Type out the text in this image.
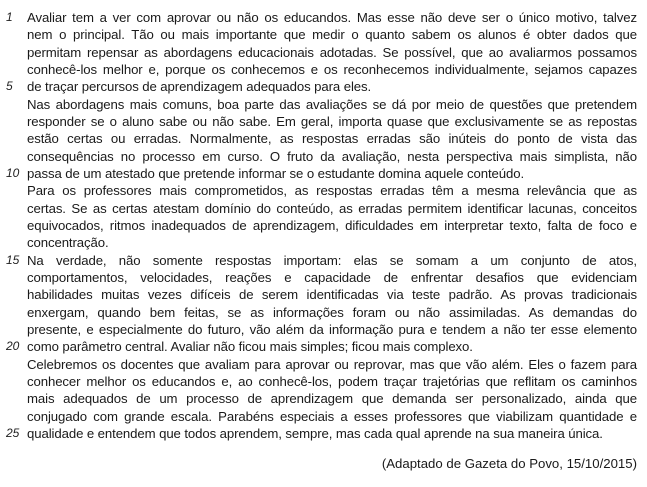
1 Avaliar tem a ver com aprovar ou não os educandos. Mas esse não deve ser o único motivo, talvez
nem o principal. Tão ou mais importante que medir o quanto sabem os alunos é obter dados que
permitam repensar as abordagens educacionais adotadas. Se possível, que ao avaliarmos possamos
conhecê-los melhor e, porque os conhecemos e os reconhecemos individualmente, sejamos capazes
5 de traçar percursos de aprendizagem adequados para eles.
Nas abordagens mais comuns, boa parte das avaliações se dá por meio de questões que pretendem
responder se o aluno sabe ou não sabe. Em geral, importa quase que exclusivamente se as repostas
estão certas ou erradas. Normalmente, as respostas erradas são inúteis do ponto de vista das
consequências no processo em curso. O fruto da avaliação, nesta perspectiva mais simplista, não
10 passa de um atestado que pretende informar se o estudante domina aquele conteúdo.
Para os professores mais comprometidos, as respostas erradas têm a mesma relevância que as
certas. Se as certas atestam domínio do conteúdo, as erradas permitem identificar lacunas, conceitos
equivocados, ritmos inadequados de aprendizagem, dificuldades em interpretar texto, falta de foco e
concentração.
15 Na verdade, não somente respostas importam: elas se somam a um conjunto de atos,
comportamentos, velocidades, reações e capacidade de enfrentar desafios que evidenciam
habilidades muitas vezes difíceis de serem identificadas via teste padrão. As provas tradicionais
enxergam, quando bem feitas, se as informações foram ou não assimiladas. As demandas do
presente, e especialmente do futuro, vão além da informação pura e tendem a não ter esse elemento
20 como parâmetro central. Avaliar não ficou mais simples; ficou mais complexo.
Celebremos os docentes que avaliam para aprovar ou reprovar, mas que vão além. Eles o fazem para
conhecer melhor os educandos e, ao conhecê-los, podem traçar trajetórias que reflitam os caminhos
mais adequados de um processo de aprendizagem que demanda ser personalizado, ainda que
conjugado com grande escala. Parabéns especiais a esses professores que viabilizam quantidade e
25 qualidade e entendem que todos aprendem, sempre, mas cada qual aprende na sua maneira única.
(Adaptado de Gazeta do Povo, 15/10/2015)
